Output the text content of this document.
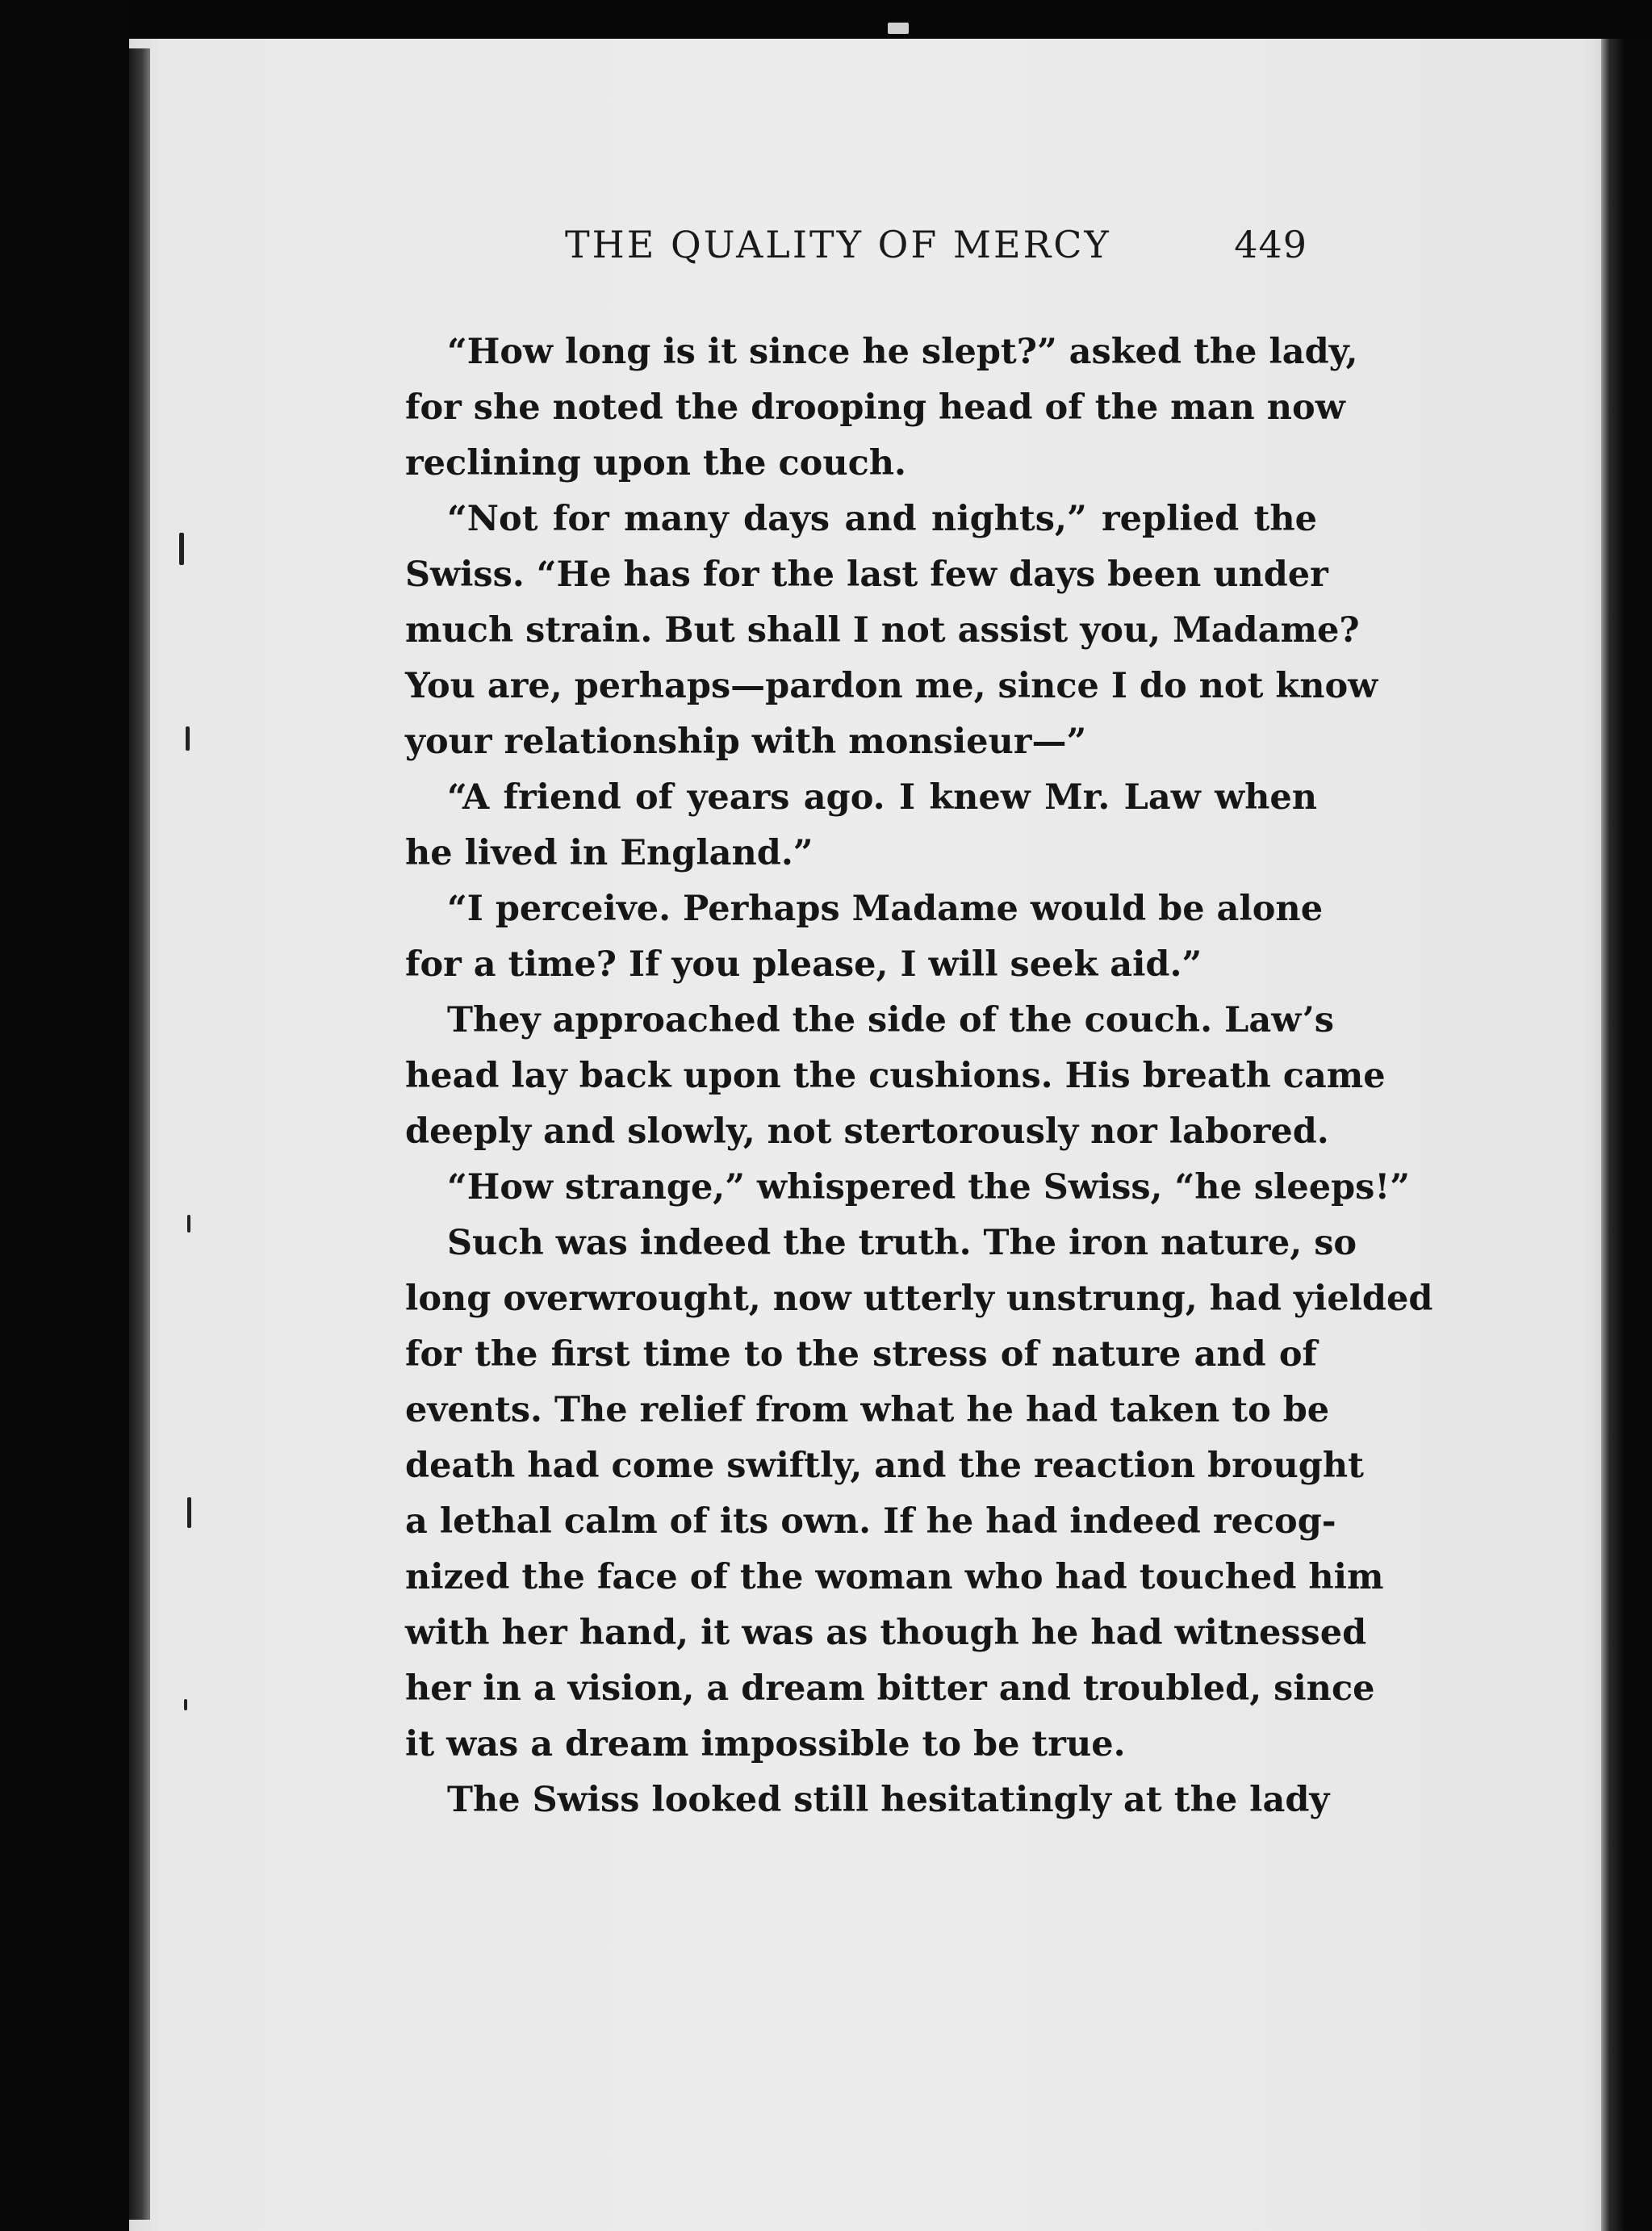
THE QUALITY OF MERCY	449
“How long is it since he slept?” asked the lady,
for she noted the drooping head of the man now
reclining upon the couch.
“Not for many days and nights,” replied the
Swiss. “He has for the last few days been under
much strain. But shall I not assist you, Madame?
You are, perhaps—pardon me, since I do not know
your relationship with monsieur—”
“A friend of years ago. I knew Mr. Law when
he lived in England.”
“I perceive. Perhaps Madame would be alone
for a time? If you please, I will seek aid.”
They approached the side of the couch. Law’s
head lay back upon the cushions. His breath came
deeply and slowly, not stertorously nor labored.
“How strange,” whispered the Swiss, “he sleeps!”
Such was indeed the truth. The iron nature, so
long overwrought, now utterly unstrung, had yielded
for the first time to the stress of nature and of
events. The relief from what he had taken to be
death had come swiftly, and the reaction brought
a lethal calm of its own. If he had indeed recog-
nized the face of the woman who had touched him
with her hand, it was as though he had witnessed
her in a vision, a dream bitter and troubled, since
it was a dream impossible to be true.
The Swiss looked still hesitatingly at the lady
